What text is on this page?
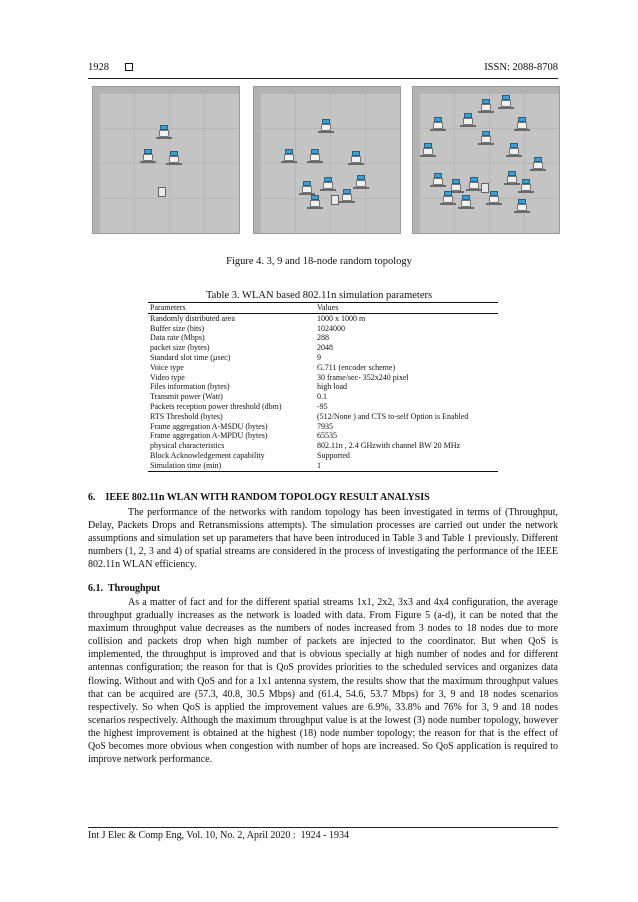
1928	ISSN: 2088-8708
Figure 4. 3, 9 and 18-node random topology
Table 3. WLAN based 802.11n simulation parameters
Parameters	Values
Randomly distributed area	1000 x 1000 m
Buffer size (bits)	1024000
Data rate (Mbps)	288
packet size (bytes)	2048
Standard slot time (µsec)	9
Voice type	G.711 (encoder scheme)
Video type	30 frame/sec- 352x240 pixel
Files information (bytes)	high load
Transmit power (Watt)	0.1
Packets reception power threshold (dbm)	-95
RTS Threshold (bytes)	(512/None ) and CTS to-self Option is Enabled
Frame aggregation A-MSDU (bytes)	7935
Frame aggregation A-MPDU (bytes)	65535
physical characteristics	802.11n , 2.4 GHzwith channel BW 20 MHz
Block Acknowledgement capability	Supported
Simulation time (min)	1
6.    IEEE 802.11n WLAN WITH RANDOM TOPOLOGY RESULT ANALYSIS

The performance of the networks with random topology has been investigated in terms of (Throughput, Delay, Packets Drops and Retransmissions attempts). The simulation processes are carried out under the network assumptions and simulation set up parameters that have been introduced in Table 3 and Table 1 previously. Different numbers (1, 2, 3 and 4) of spatial streams are considered in the process of investigating the performance of the IEEE 802.11n WLAN efficiency.

6.1.  Throughput

As a matter of fact and for the different spatial streams 1x1, 2x2, 3x3 and 4x4 configuration, the average throughput gradually increases as the network is loaded with data. From Figure 5 (a-d), it can be noted that the maximum throughput value decreases as the numbers of nodes increased from 3 nodes to 18 nodes due to more collision and packets drop when high number of packets are injected to the coordinator. But when QoS is implemented, the throughput is improved and that is obvious specially at high number of nodes and for different antennas configuration; the reason for that is QoS provides priorities to the scheduled services and organizes data flowing. Without and with QoS and for a 1x1 antenna system, the results show that the maximum throughput values that can be acquired are (57.3, 40.8, 30.5 Mbps) and (61.4, 54.6, 53.7 Mbps) for 3, 9 and 18 nodes scenarios respectively. So when QoS is applied the improvement values are 6.9%, 33.8% and 76% for 3, 9 and 18 nodes scenarios respectively. Although the maximum throughput value is at the lowest (3) node number topology, however the highest improvement is obtained at the highest (18) node number topology; the reason for that is the effect of QoS becomes more obvious when congestion with number of hops are increased. So QoS application is required to improve network performance.

Int J Elec & Comp Eng, Vol. 10, No. 2, April 2020 :  1924 - 1934
